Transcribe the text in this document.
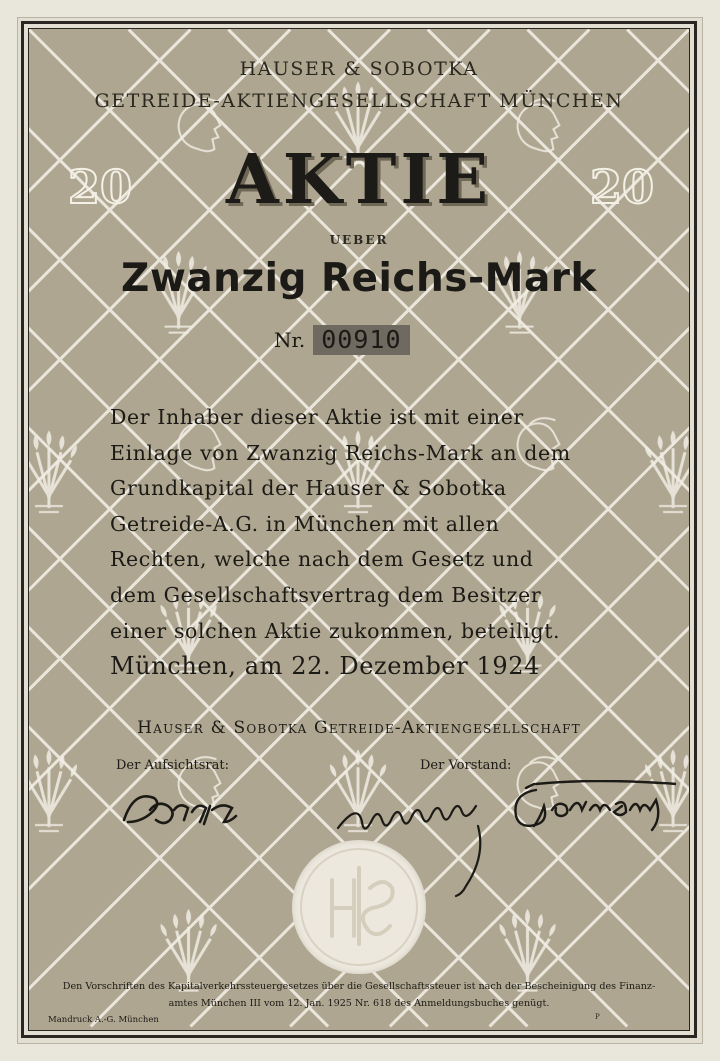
HAUSER & SOBOTKA
GETREIDE-AKTIENGESELLSCHAFT MÜNCHEN
20	20
AKTIE
UEBER
Zwanzig Reichs-Mark
Nr. 00910
Der Inhaber dieser Aktie ist mit einer
Einlage von Zwanzig Reichs-Mark an dem
Grundkapital der Hauser & Sobotka
Getreide-A.G. in München mit allen
Rechten, welche nach dem Gesetz und
dem Gesellschaftsvertrag dem Besitzer
einer solchen Aktie zukommen, beteiligt.
München, am 22. Dezember 1924
Hauser & Sobotka Getreide-Aktiengesellschaft
Der Aufsichtsrat:	Der Vorstand:
Den Vorschriften des Kapitalverkehrssteuergesetzes über die Gesellschaftssteuer ist nach der Bescheinigung des Finanz-
amtes München III vom 12. Jan. 1925 Nr. 618 des Anmeldungsbuches genügt.
Mandruck A.-G. München	P
